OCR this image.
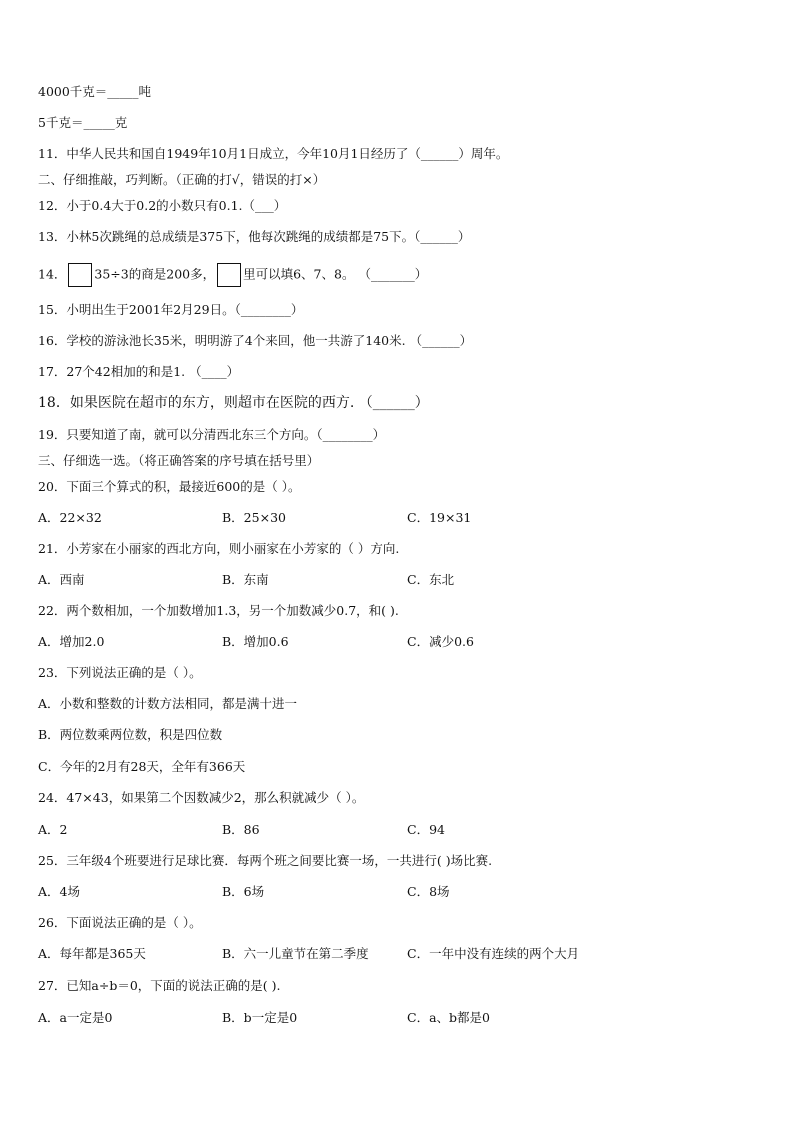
4000千克＝_____吨
5千克＝_____克
11．中华人民共和国自1949年10月1日成立，今年10月1日经历了（______）周年。
二、仔细推敲，巧判断。（正确的打√，错误的打×）
12．小于0.4大于0.2的小数只有0.1.（___）
13．小林5次跳绳的总成绩是375下，他每次跳绳的成绩都是75下。（______）
14． 35÷3的商是200多， 里可以填6、7、8。 （_______）
15．小明出生于2001年2月29日。（________）
16．学校的游泳池长35米，明明游了4个来回，他一共游了140米. （______）
17．27个42相加的和是1. （____）
18．如果医院在超市的东方，则超市在医院的西方. （______）
19．只要知道了南，就可以分清西北东三个方向。（________）
三、仔细选一选。（将正确答案的序号填在括号里）
20．下面三个算式的积，最接近600的是（ ）。
A．22×32	B．25×30	C．19×31
21．小芳家在小丽家的西北方向，则小丽家在小芳家的（ ）方向.
A．西南	B．东南	C．东北
22．两个数相加，一个加数增加1.3，另一个加数减少0.7，和( ).
A．增加2.0	B．增加0.6	C．减少0.6
23．下列说法正确的是（ ）。
A．小数和整数的计数方法相同，都是满十进一
B．两位数乘两位数，积是四位数
C．今年的2月有28天，全年有366天
24．47×43，如果第二个因数减少2，那么积就减少（ ）。
A．2	B．86	C．94
25．三年级4个班要进行足球比赛．每两个班之间要比赛一场，一共进行( )场比赛.
A．4场	B．6场	C．8场
26．下面说法正确的是（ ）。
A．每年都是365天	B．六一儿童节在第二季度	C．一年中没有连续的两个大月
27．已知a÷b＝0，下面的说法正确的是( ).
A．a一定是0	B．b一定是0	C．a、b都是0
